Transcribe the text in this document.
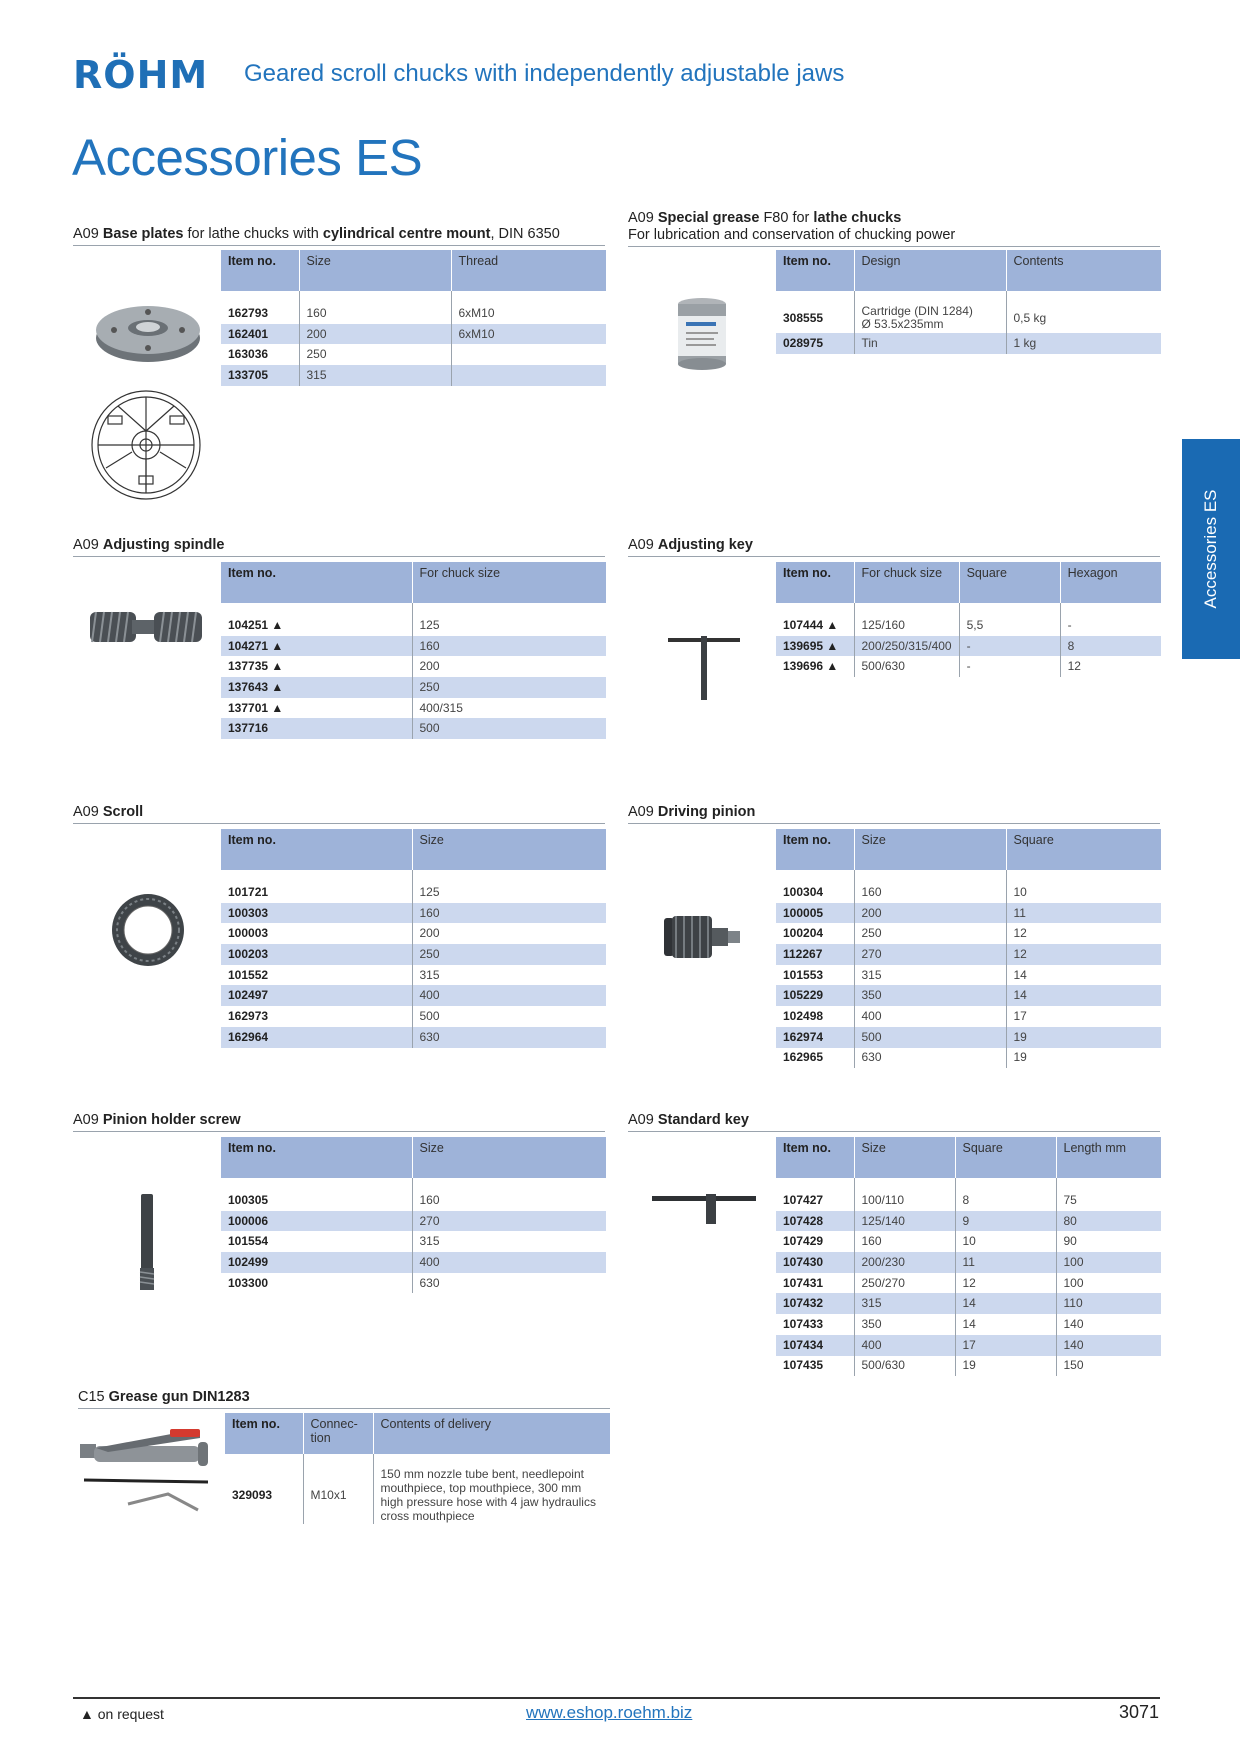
RÖHM Geared scroll chucks with independently adjustable jaws
Accessories ES
Accessories ES
A09 Base plates for lathe chucks with cylindrical centre mount, DIN 6350
Item no.	Size	Thread

162793	160	6xM10
162401	200	6xM10
163036	250	
133705	315	
A09 Special grease F80 for lathe chucks
For lubrication and conservation of chucking power
Item no.	Design	Contents

308555	Cartridge (DIN 1284)
Ø 53.5x235mm	0,5 kg
028975	Tin	1 kg
A09 Adjusting spindle
Item no.	For chuck size

104251 ▲	125
104271 ▲	160
137735 ▲	200
137643 ▲	250
137701 ▲	400/315
137716	500
A09 Adjusting key
Item no.	For chuck size	Square	Hexagon

107444 ▲	125/160	5,5	-
139695 ▲	200/250/315/400	-	8
139696 ▲	500/630	-	12
A09 Scroll
Item no.	Size

101721	125
100303	160
100003	200
100203	250
101552	315
102497	400
162973	500
162964	630
A09 Driving pinion
Item no.	Size	Square

100304	160	10
100005	200	11
100204	250	12
112267	270	12
101553	315	14
105229	350	14
102498	400	17
162974	500	19
162965	630	19
A09 Pinion holder screw
Item no.	Size

100305	160
100006	270
101554	315
102499	400
103300	630
A09 Standard key
Item no.	Size	Square	Length mm

107427	100/110	8	75
107428	125/140	9	80
107429	160	10	90
107430	200/230	11	100
107431	250/270	12	100
107432	315	14	110
107433	350	14	140
107434	400	17	140
107435	500/630	19	150
C15 Grease gun DIN1283
Item no.	Connec-
tion	Contents of delivery

329093	M10x1	150 mm nozzle tube bent, needlepoint
mouthpiece, top mouthpiece, 300 mm
high pressure hose with 4 jaw hydraulics
cross mouthpiece
▲ on request	www.eshop.roehm.biz	3071
